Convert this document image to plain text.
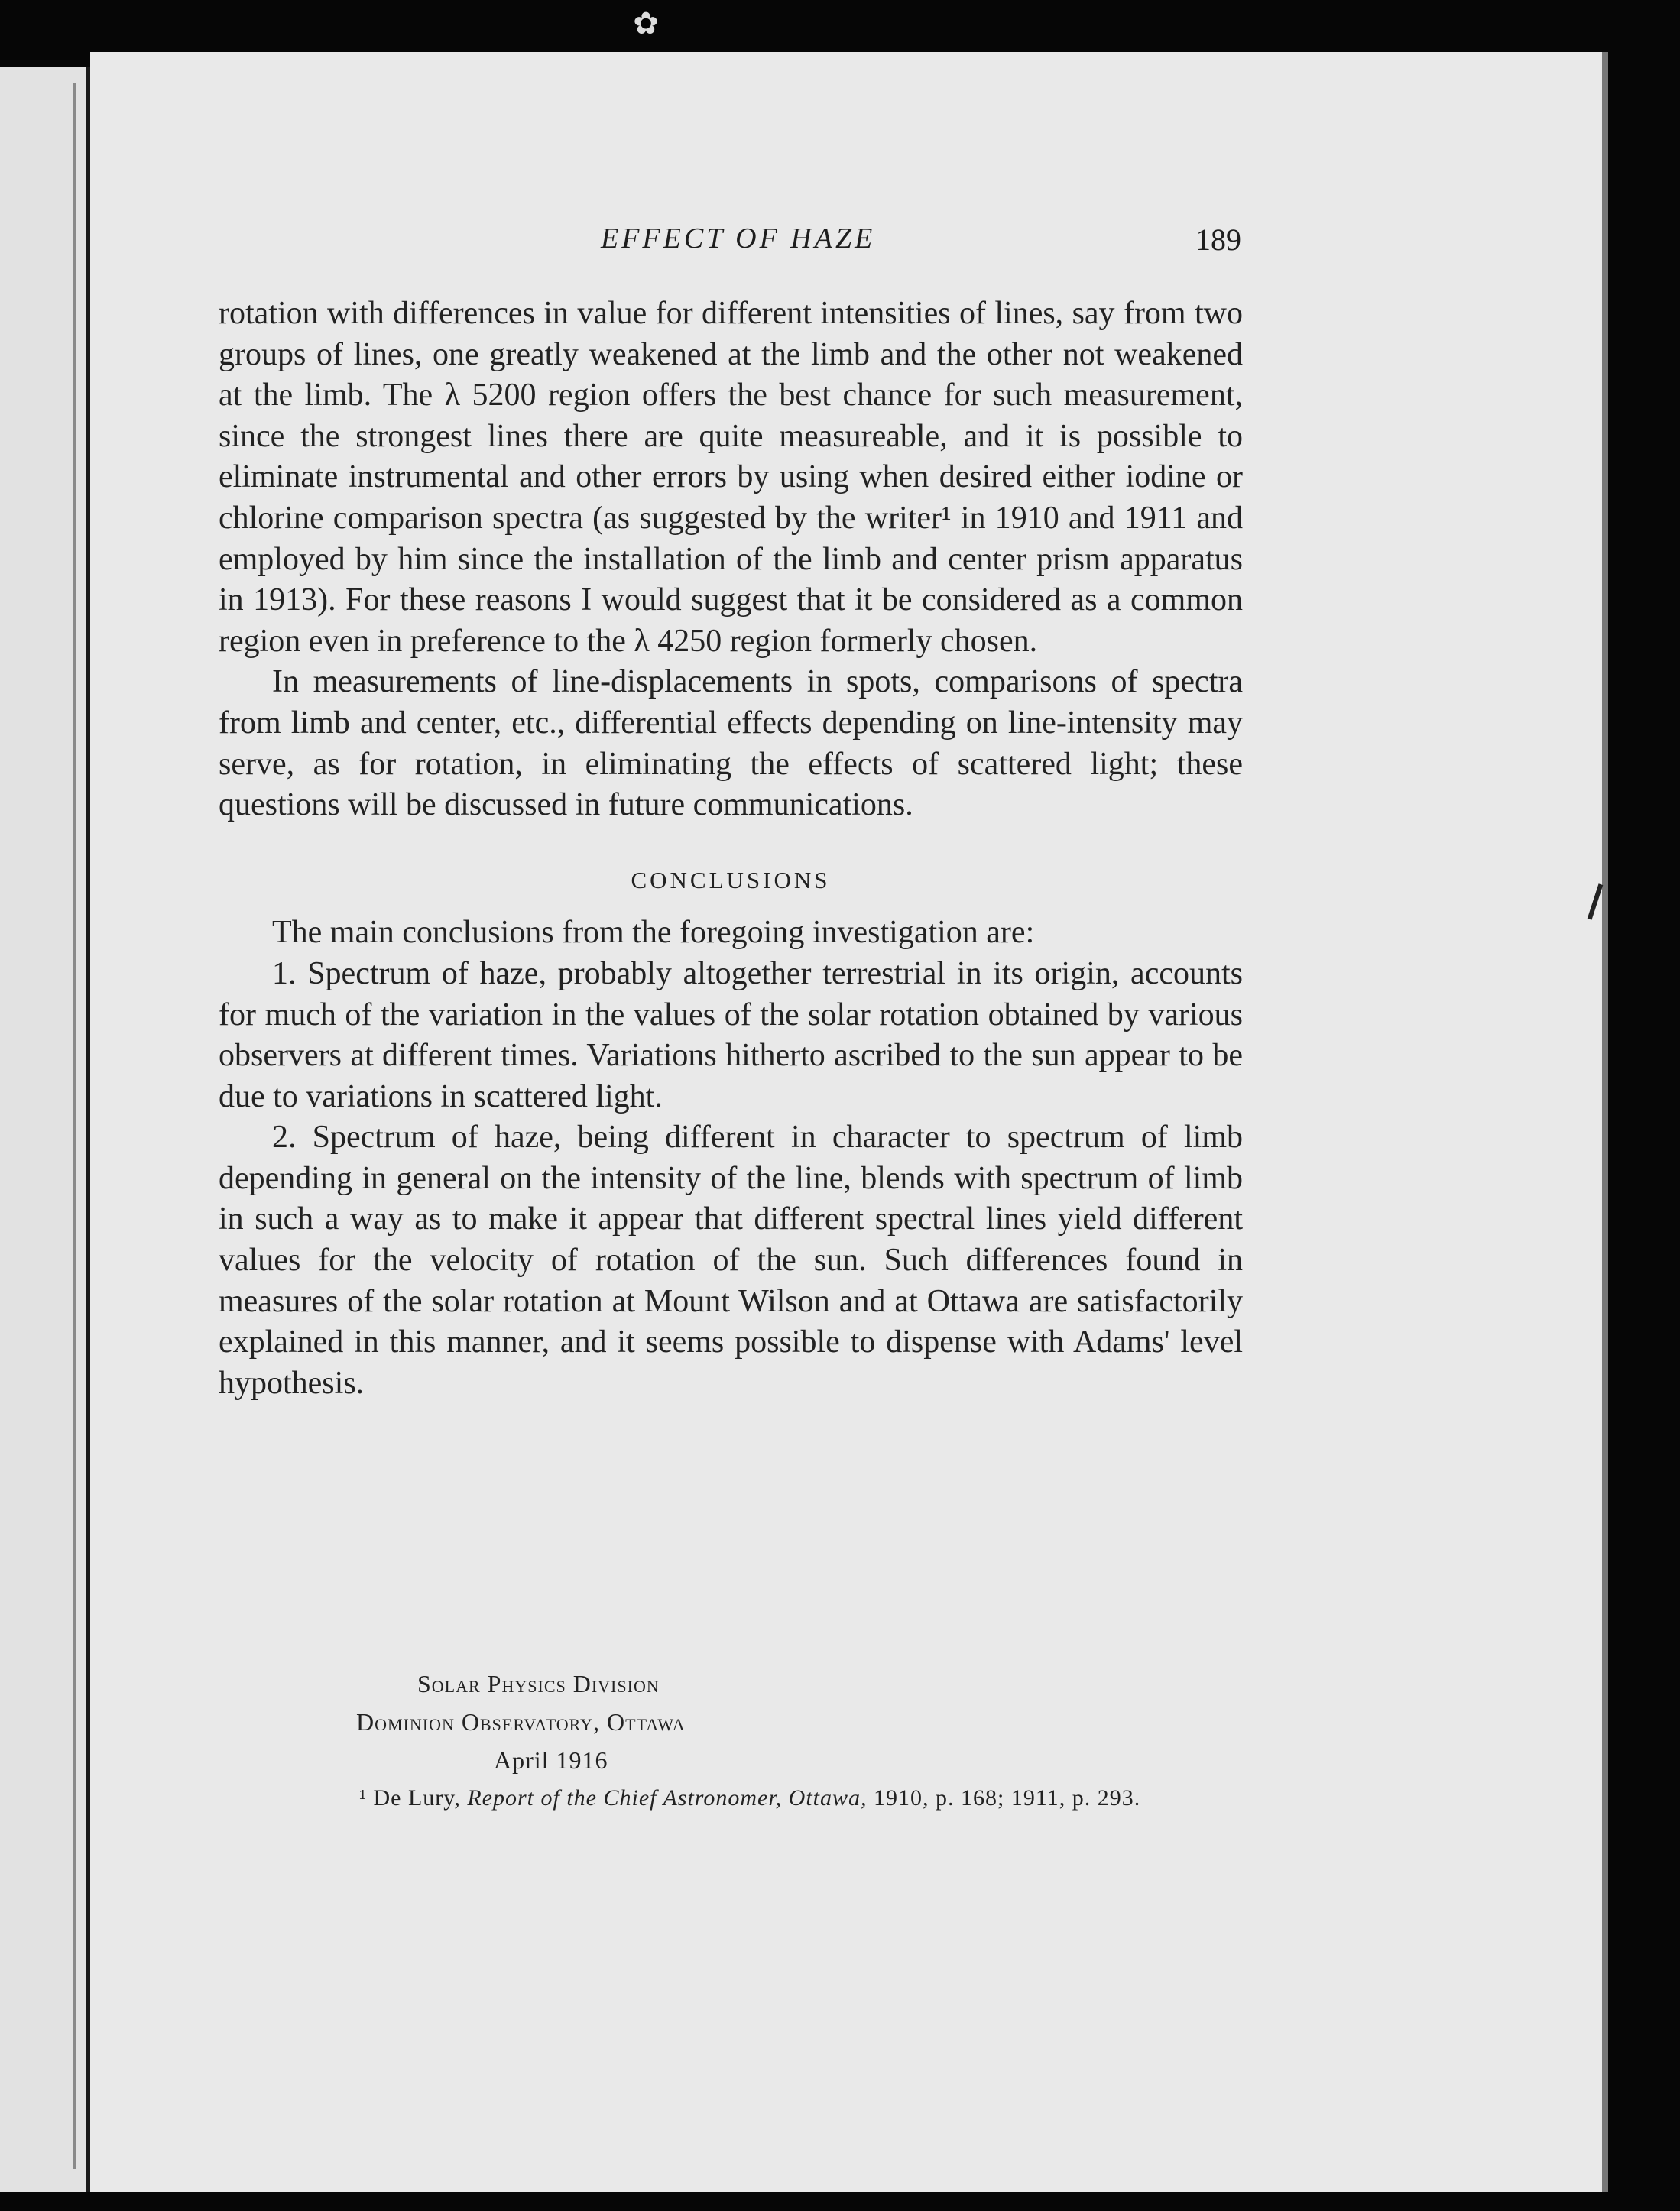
✿
EFFECT OF HAZE	189

rotation with differences in value for different intensities of lines, say from two groups of lines, one greatly weakened at the limb and the other not weakened at the limb. The λ 5200 region offers the best chance for such measurement, since the strongest lines there are quite measureable, and it is possible to eliminate instrumental and other errors by using when desired either iodine or chlorine comparison spectra (as suggested by the writer¹ in 1910 and 1911 and employed by him since the installation of the limb and center prism apparatus in 1913). For these reasons I would suggest that it be considered as a common region even in preference to the λ 4250 region formerly chosen.

In measurements of line-displacements in spots, comparisons of spectra from limb and center, etc., differential effects depending on line-intensity may serve, as for rotation, in eliminating the effects of scattered light; these questions will be discussed in future communications.

CONCLUSIONS

The main conclusions from the foregoing investigation are:

1. Spectrum of haze, probably altogether terrestrial in its origin, accounts for much of the variation in the values of the solar rotation obtained by various observers at different times. Variations hitherto ascribed to the sun appear to be due to variations in scattered light.

2. Spectrum of haze, being different in character to spectrum of limb depending in general on the intensity of the line, blends with spectrum of limb in such a way as to make it appear that different spectral lines yield different values for the velocity of rotation of the sun. Such differences found in measures of the solar rotation at Mount Wilson and at Ottawa are satisfactorily explained in this manner, and it seems possible to dispense with Adams' level hypothesis.

Solar Physics Division
Dominion Observatory, Ottawa
April 1916
¹ De Lury, Report of the Chief Astronomer, Ottawa, 1910, p. 168; 1911, p. 293.
